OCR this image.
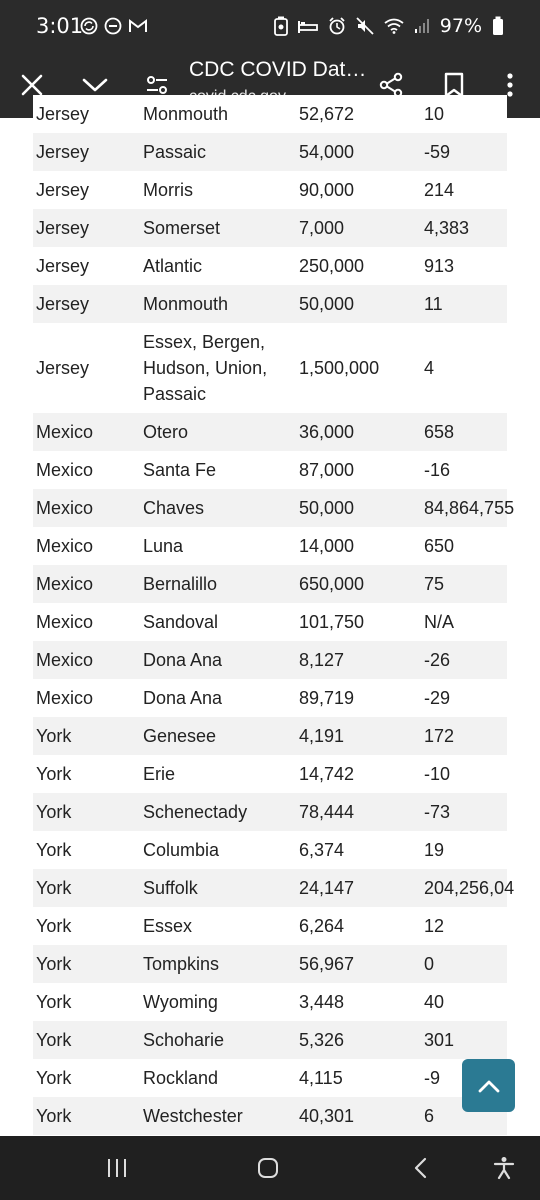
3:01	97%
CDC COVID Dat…
Jersey	Monmouth	52,672	10
Jersey	Passaic	54,000	-59
Jersey	Morris	90,000	214
Jersey	Somerset	7,000	4,383
Jersey	Atlantic	250,000	913
Jersey	Monmouth	50,000	11
Jersey	Essex, Bergen, Hudson, Union, Passaic	1,500,000	4
Mexico	Otero	36,000	658
Mexico	Santa Fe	87,000	-16
Mexico	Chaves	50,000	84,864,755
Mexico	Luna	14,000	650
Mexico	Bernalillo	650,000	75
Mexico	Sandoval	101,750	N/A
Mexico	Dona Ana	8,127	-26
Mexico	Dona Ana	89,719	-29
York	Genesee	4,191	172
York	Erie	14,742	-10
York	Schenectady	78,444	-73
York	Columbia	6,374	19
York	Suffolk	24,147	204,256,04
York	Essex	6,264	12
York	Tompkins	56,967	0
York	Wyoming	3,448	40
York	Schoharie	5,326	301
York	Rockland	4,115	-9
York	Westchester	40,301	6
